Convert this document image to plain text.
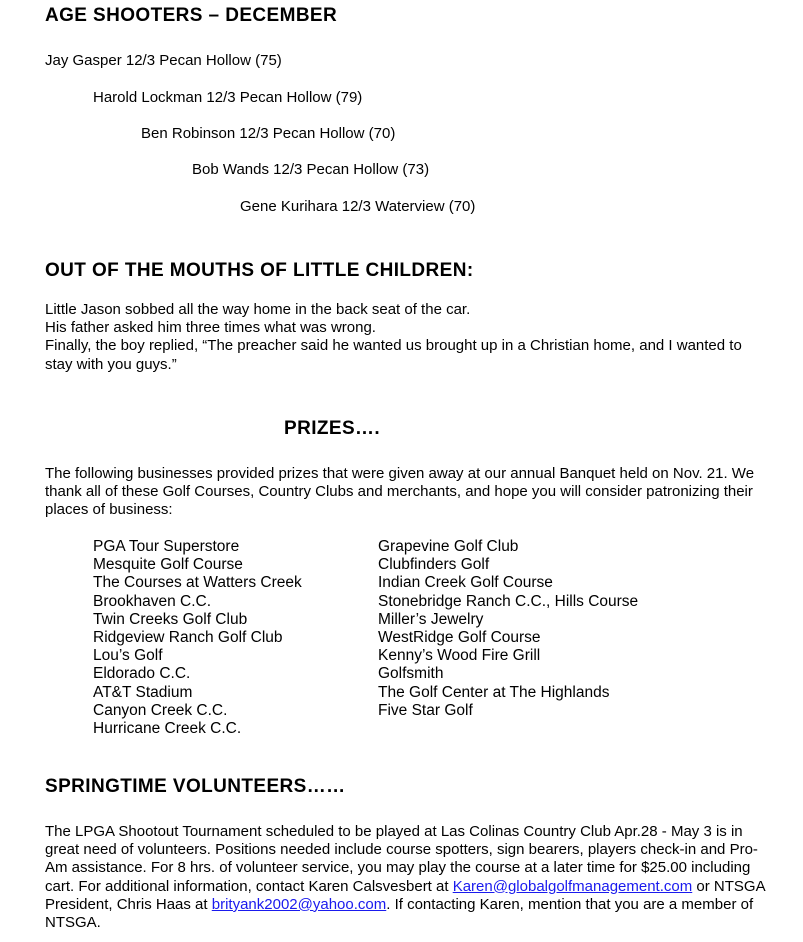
AGE SHOOTERS – DECEMBER
Jay Gasper 12/3 Pecan Hollow (75)
Harold Lockman 12/3 Pecan Hollow (79)
Ben Robinson 12/3 Pecan Hollow (70)
Bob Wands 12/3 Pecan Hollow (73)
Gene Kurihara 12/3 Waterview (70)
OUT OF THE MOUTHS OF LITTLE CHILDREN:
Little Jason sobbed all the way home in the back seat of the car.
His father asked him three times what was wrong.
Finally, the boy replied, “The preacher said he wanted us brought up in a Christian home, and I wanted to stay with you guys.”
PRIZES….
The following businesses provided prizes that were given away at our annual Banquet held on Nov. 21. We thank all of these Golf Courses, Country Clubs and merchants, and hope you will consider patronizing their places of business:
PGA Tour Superstore
Mesquite Golf Course
The Courses at Watters Creek
Brookhaven C.C.
Twin Creeks Golf Club
Ridgeview Ranch Golf Club
Lou’s Golf
Eldorado C.C.
AT&T Stadium
Canyon Creek C.C.
Hurricane Creek C.C.
Grapevine Golf Club
Clubfinders Golf
Indian Creek Golf Course
Stonebridge Ranch C.C., Hills Course
Miller’s Jewelry
WestRidge Golf Course
Kenny’s Wood Fire Grill
Golfsmith
The Golf Center at The Highlands
Five Star Golf
SPRINGTIME VOLUNTEERS……
The LPGA Shootout Tournament scheduled to be played at Las Colinas Country Club Apr.28 - May 3 is in great need of volunteers. Positions needed include course spotters, sign bearers, players check-in and Pro-Am assistance. For 8 hrs. of volunteer service, you may play the course at a later time for $25.00 including cart. For additional information, contact Karen Calsvesbert at Karen@globalgolfmanagement.com or NTSGA President, Chris Haas at brityank2002@yahoo.com. If contacting Karen, mention that you are a member of NTSGA.
